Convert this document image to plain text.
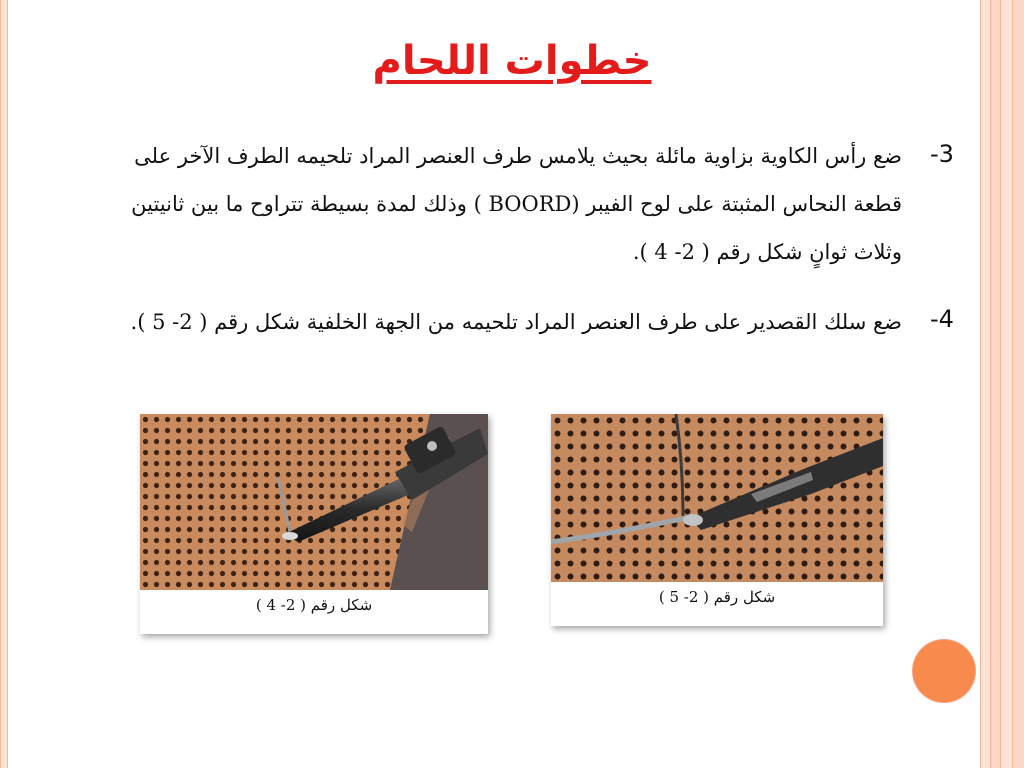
خطوات اللحام
-3
ضع رأس الكاوية بزاوية مائلة بحيث يلامس طرف العنصر المراد تلحيمه الطرف الآخر على قطعة النحاس المثبتة على لوح الفيبر (BOORD ) وذلك لمدة بسيطة تتراوح ما بين ثانيتين وثلاث ثوانٍ شكل رقم ( 2- 4 ).
-4
ضع سلك القصدير على طرف العنصر المراد تلحيمه من الجهة الخلفية شكل رقم ( 2- 5 ).
شكل رقم ( 2- 4 )	شكل رقم ( 2- 5 )
